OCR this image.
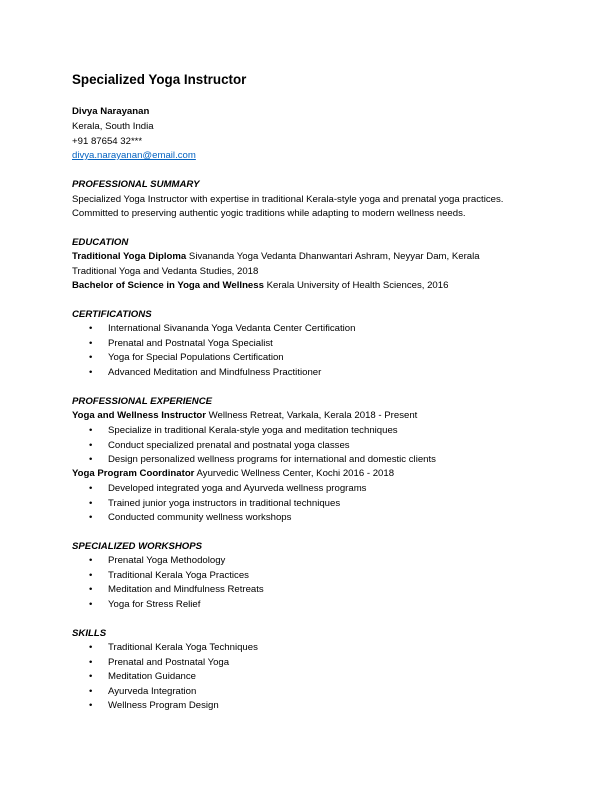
Specialized Yoga Instructor
Divya Narayanan
Kerala, South India
+91 87654 32***
divya.narayanan@email.com
PROFESSIONAL SUMMARY
Specialized Yoga Instructor with expertise in traditional Kerala-style yoga and prenatal yoga practices.
Committed to preserving authentic yogic traditions while adapting to modern wellness needs.
EDUCATION
Traditional Yoga Diploma Sivananda Yoga Vedanta Dhanwantari Ashram, Neyyar Dam, Kerala
Traditional Yoga and Vedanta Studies, 2018
Bachelor of Science in Yoga and Wellness Kerala University of Health Sciences, 2016
CERTIFICATIONS
• International Sivananda Yoga Vedanta Center Certification
• Prenatal and Postnatal Yoga Specialist
• Yoga for Special Populations Certification
• Advanced Meditation and Mindfulness Practitioner
PROFESSIONAL EXPERIENCE
Yoga and Wellness Instructor Wellness Retreat, Varkala, Kerala 2018 - Present
• Specialize in traditional Kerala-style yoga and meditation techniques
• Conduct specialized prenatal and postnatal yoga classes
• Design personalized wellness programs for international and domestic clients
Yoga Program Coordinator Ayurvedic Wellness Center, Kochi 2016 - 2018
• Developed integrated yoga and Ayurveda wellness programs
• Trained junior yoga instructors in traditional techniques
• Conducted community wellness workshops
SPECIALIZED WORKSHOPS
• Prenatal Yoga Methodology
• Traditional Kerala Yoga Practices
• Meditation and Mindfulness Retreats
• Yoga for Stress Relief
SKILLS
• Traditional Kerala Yoga Techniques
• Prenatal and Postnatal Yoga
• Meditation Guidance
• Ayurveda Integration
• Wellness Program Design
